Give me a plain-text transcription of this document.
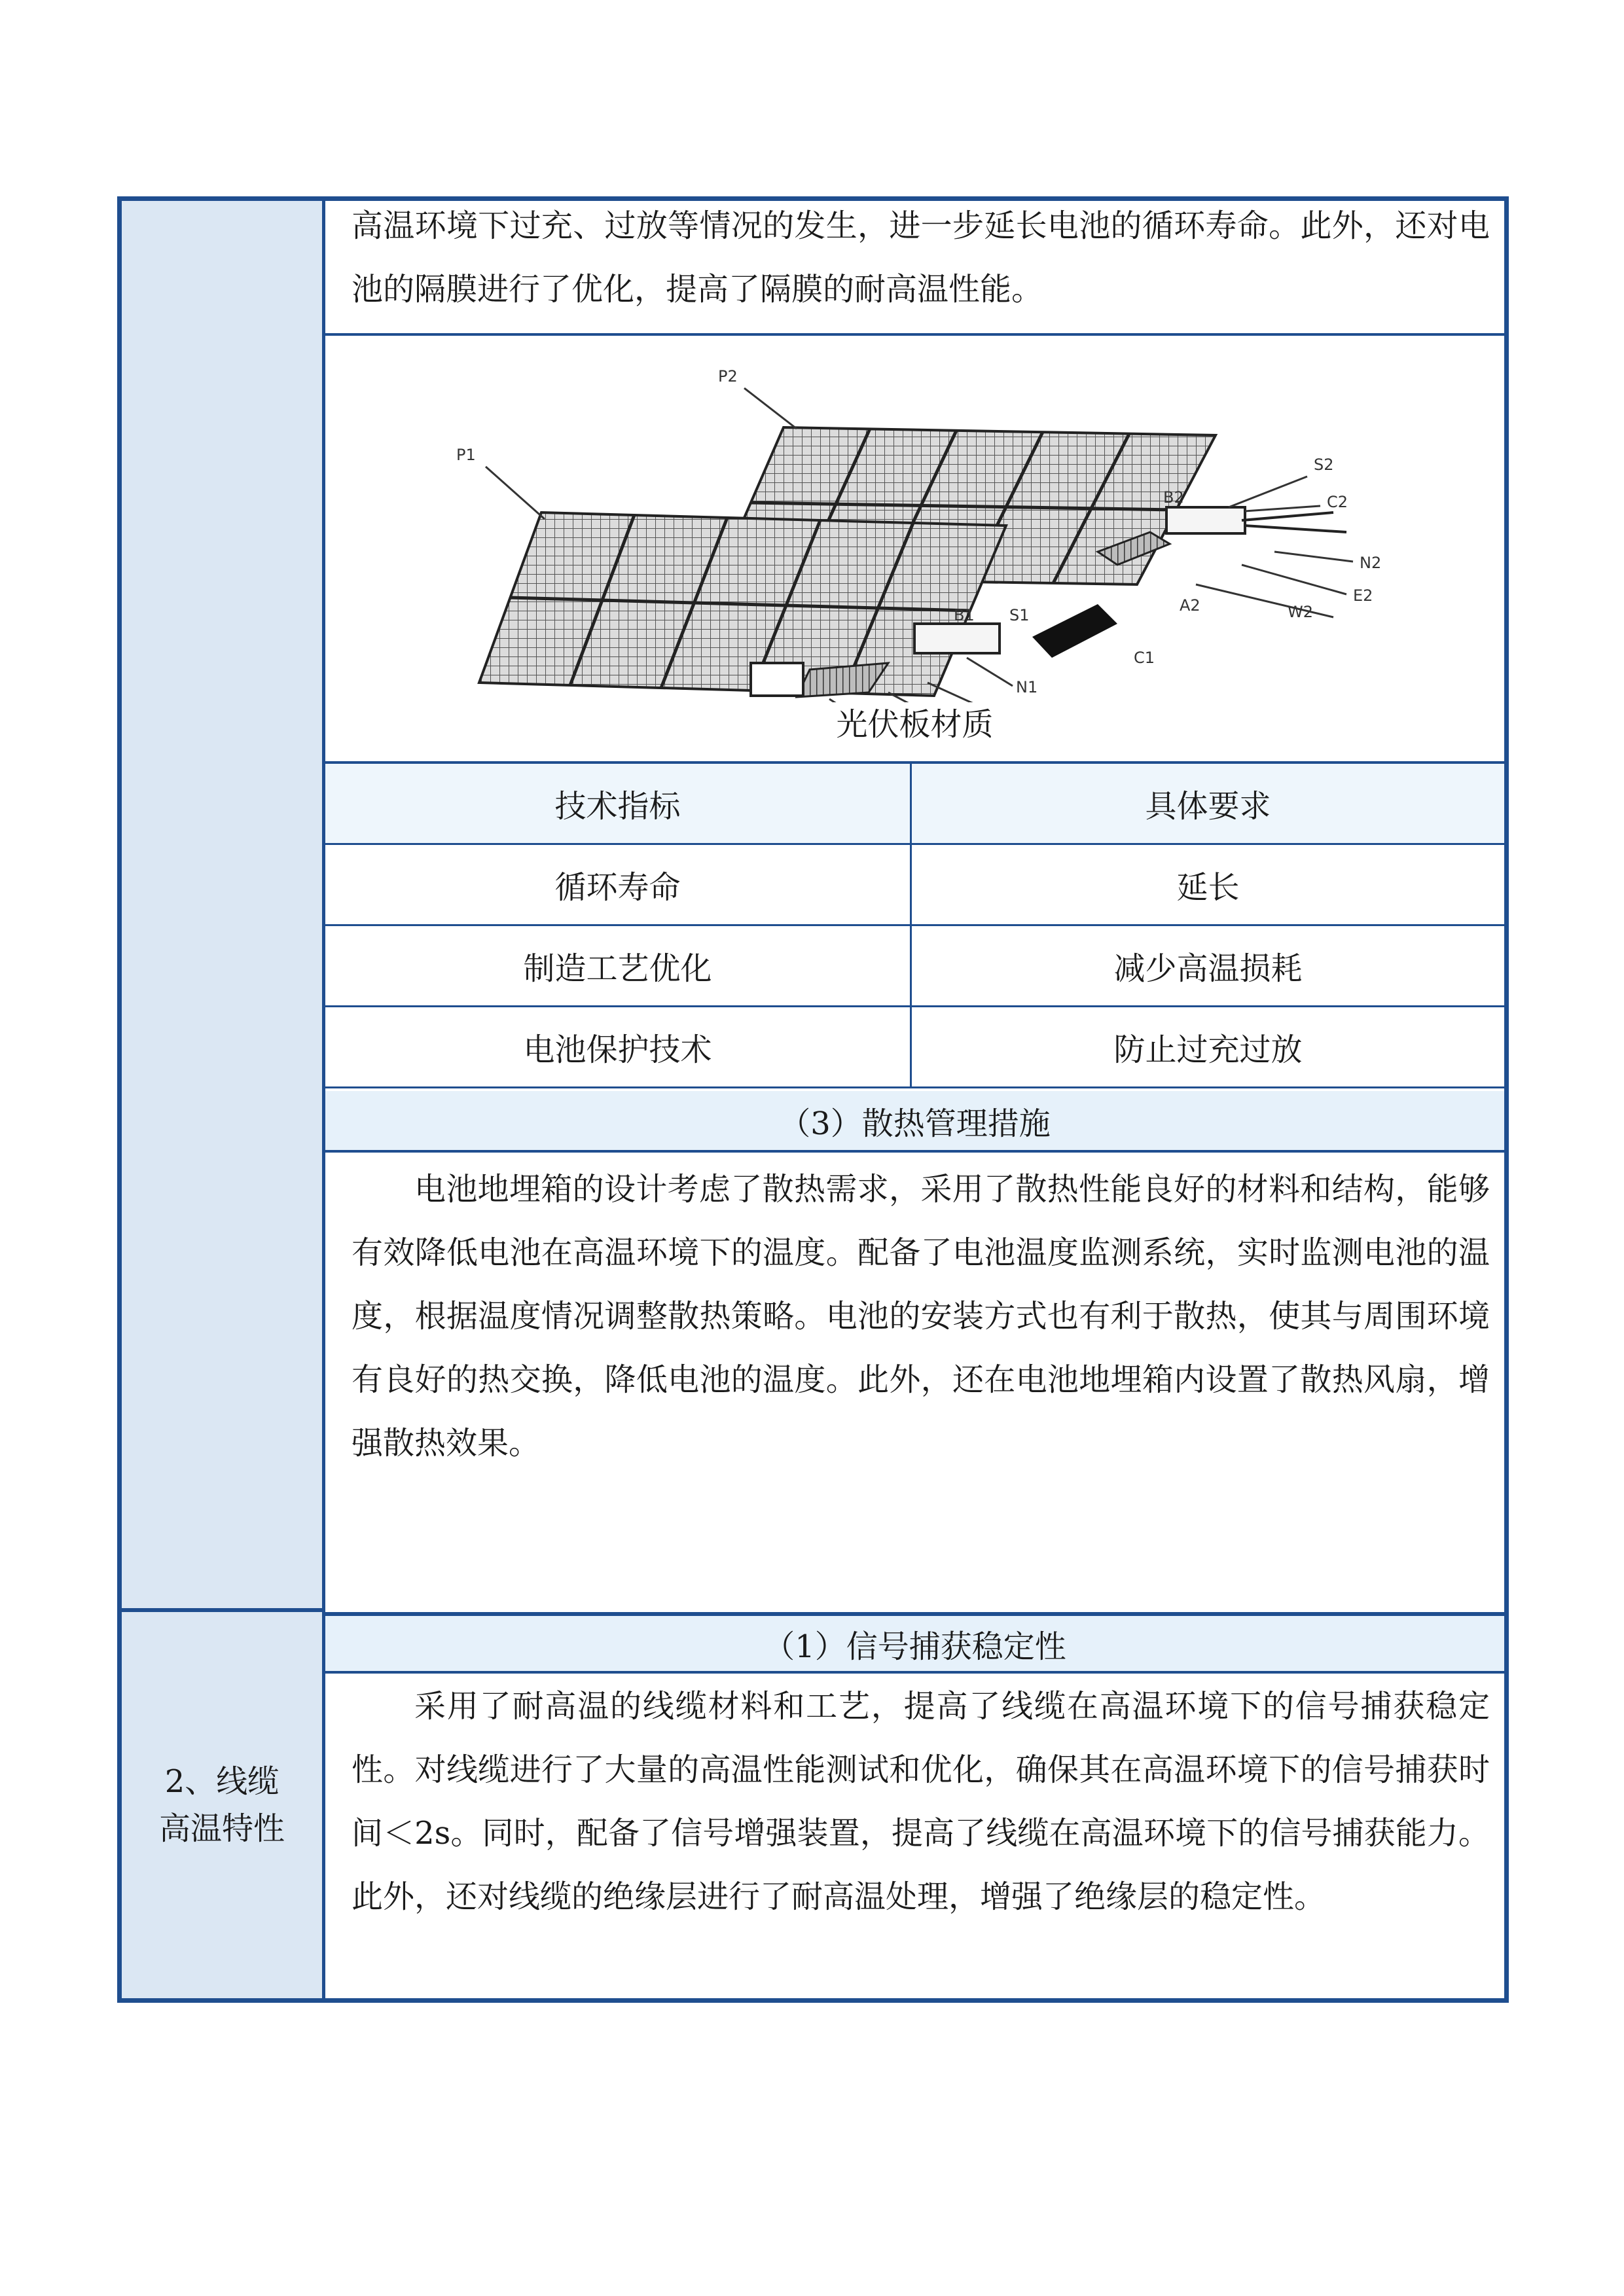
2、线缆高温特性
高温环境下过充、过放等情况的发生，进一步延长电池的循环寿命。此外，还对电池的隔膜进行了优化，提高了隔膜的耐高温性能。
P2
P1
S2
B2	C2
N2
E2
W2
A2
C1
B1 S1
N1
光伏板材质
技术指标	具体要求
循环寿命	延长
制造工艺优化	减少高温损耗
电池保护技术	防止过充过放
（3）散热管理措施
电池地埋箱的设计考虑了散热需求，采用了散热性能良好的材料和结构，能够有效降低电池在高温环境下的温度。配备了电池温度监测系统，实时监测电池的温度，根据温度情况调整散热策略。电池的安装方式也有利于散热，使其与周围环境有良好的热交换，降低电池的温度。此外，还在电池地埋箱内设置了散热风扇，增强散热效果。
（1）信号捕获稳定性
采用了耐高温的线缆材料和工艺，提高了线缆在高温环境下的信号捕获稳定性。对线缆进行了大量的高温性能测试和优化，确保其在高温环境下的信号捕获时间＜2s。同时，配备了信号增强装置，提高了线缆在高温环境下的信号捕获能力。此外，还对线缆的绝缘层进行了耐高温处理，增强了绝缘层的稳定性。
